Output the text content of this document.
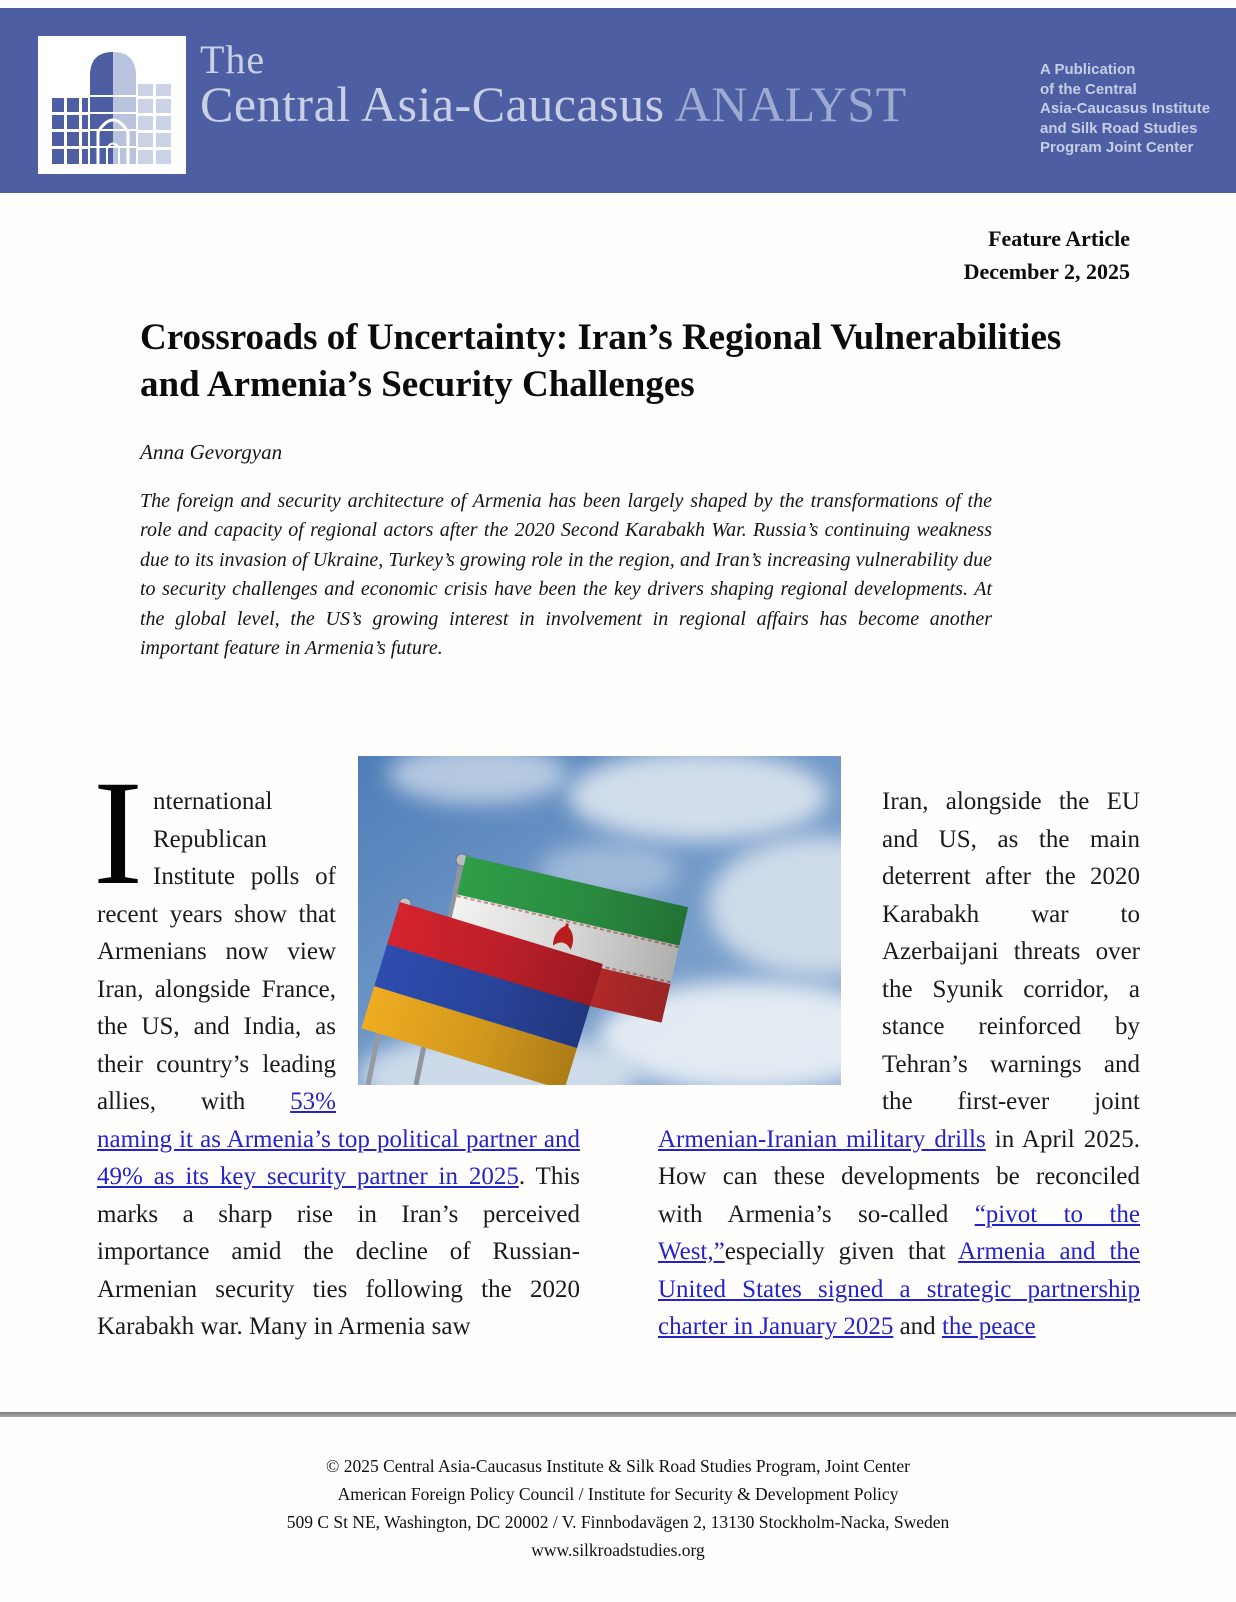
The
Central Asia-Caucasus ANALYST
A Publication
of the Central
Asia-Caucasus Institute
and Silk Road Studies
Program Joint Center
Feature Article
December 2, 2025
Crossroads of Uncertainty: Iran’s Regional Vulnerabilities and Armenia’s Security Challenges
Anna Gevorgyan

The foreign and security architecture of Armenia has been largely shaped by the transformations of the role and capacity of regional actors after the 2020 Second Karabakh War. Russia’s continuing weakness due to its invasion of Ukraine, Turkey’s growing role in the region, and Iran’s increasing vulnerability due to security challenges and economic crisis have been the key drivers shaping regional developments. At the global level, the US’s growing interest in involvement in regional affairs has become another important feature in Armenia’s future.

I nternational Republican Institute polls of recent years show that Armenians now view Iran, alongside France, the US, and India, as their country’s leading allies, with 53% naming it as Armenia’s top political partner and 49% as its key security partner in 2025. This marks a sharp rise in Iran’s perceived importance amid the decline of Russian-Armenian security ties following the 2020 Karabakh war. Many in Armenia saw
Iran, alongside the EU and US, as the main deterrent after the 2020 Karabakh war to Azerbaijani threats over the Syunik corridor, a stance reinforced by Tehran’s warnings and the first-ever joint Armenian-Iranian military drills in April 2025. How can these developments be reconciled with Armenia’s so-called “pivot to the West,”especially given that Armenia and the United States signed a strategic partnership charter in January 2025 and the peace
© 2025 Central Asia-Caucasus Institute & Silk Road Studies Program, Joint Center
American Foreign Policy Council / Institute for Security & Development Policy
509 C St NE, Washington, DC 20002 / V. Finnbodavägen 2, 13130 Stockholm-Nacka, Sweden
www.silkroadstudies.org
